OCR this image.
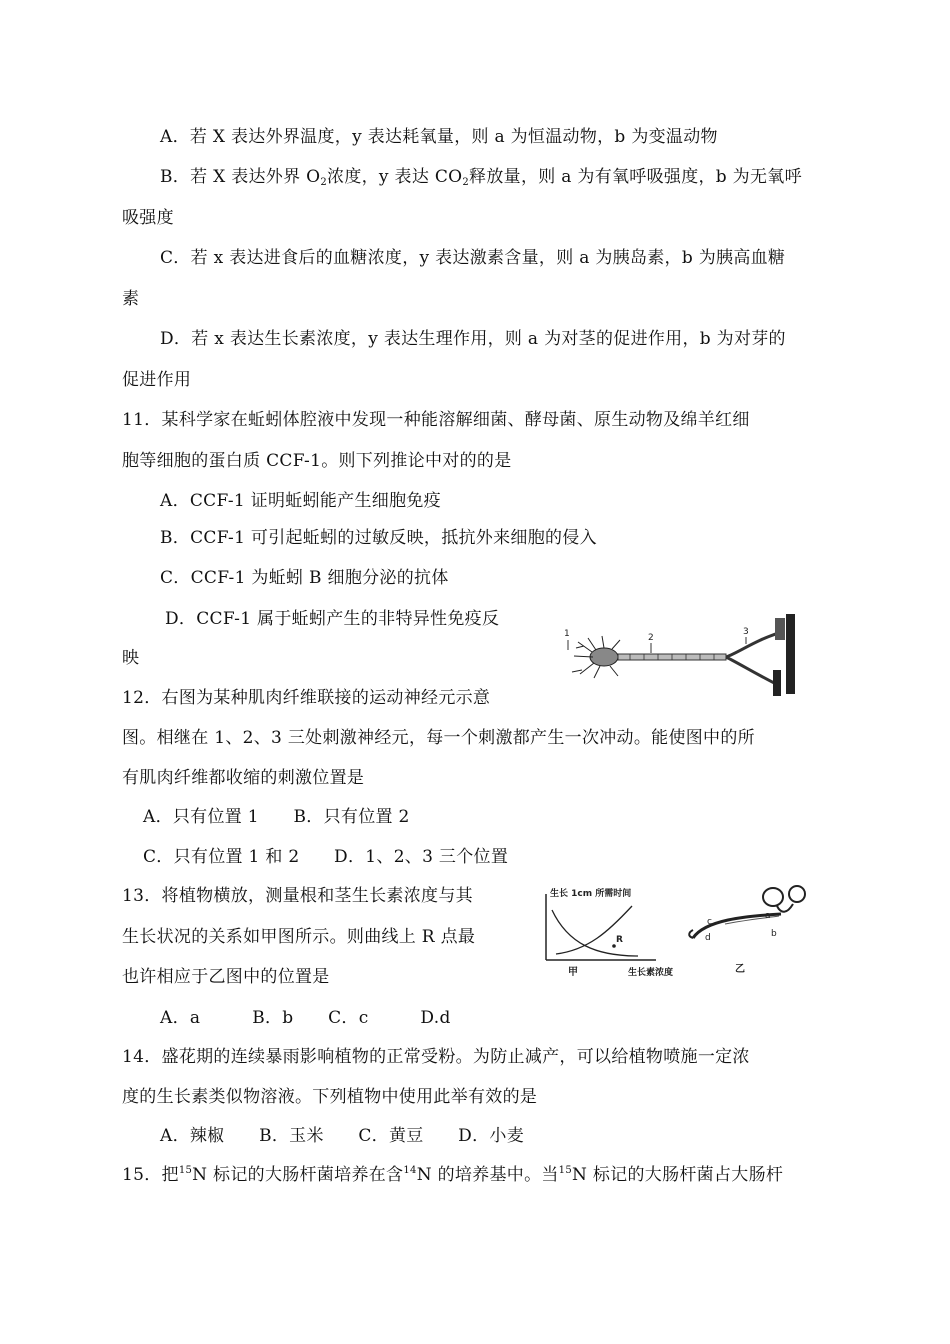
A．若 X 表达外界温度，y 表达耗氧量，则 a 为恒温动物，b 为变温动物
B．若 X 表达外界 $O_2$浓度，y 表达 $CO_2$释放量，则 a 为有氧呼吸强度，b 为无氧呼
吸强度
C．若 x 表达进食后的血糖浓度，y 表达激素含量，则 a 为胰岛素，b 为胰高血糖
素
D．若 x 表达生长素浓度，y 表达生理作用，则 a 为对茎的促进作用，b 为对芽的
促进作用
11．某科学家在蚯蚓体腔液中发现一种能溶解细菌、酵母菌、原生动物及绵羊红细
胞等细胞的蛋白质 CCF-1。则下列推论中对的的是
A．CCF-1 证明蚯蚓能产生细胞免疫
B．CCF-1 可引起蚯蚓的过敏反映，抵抗外来细胞的侵入
C．CCF-1 为蚯蚓 B 细胞分泌的抗体
D．CCF-1 属于蚯蚓产生的非特异性免疫反
映
1	2
3
12．右图为某种肌肉纤维联接的运动神经元示意
图。相继在 1、2、3 三处刺激神经元，每一个刺激都产生一次冲动。能使图中的所
有肌肉纤维都收缩的刺激位置是
A．只有位置 1　　B．只有位置 2
C．只有位置 1 和 2　　D．1、2、3 三个位置
13．将植物横放，测量根和茎生长素浓度与其
生长状况的关系如甲图所示。则曲线上 R 点最
也许相应于乙图中的位置是
A．a　　　B．b　　C．c　　　D.d
生长 1cm 所需时间
R
甲	生长素浓度
c
d
a
b
乙
14．盛花期的连续暴雨影响植物的正常受粉。为防止减产，可以给植物喷施一定浓
度的生长素类似物溶液。下列植物中使用此举有效的是
A．辣椒　　B．玉米　　C．黄豆　　D．小麦
15．把$^{15}$N 标记的大肠杆菌培养在含$^{14}$N 的培养基中。当$^{15}$N 标记的大肠杆菌占大肠杆
